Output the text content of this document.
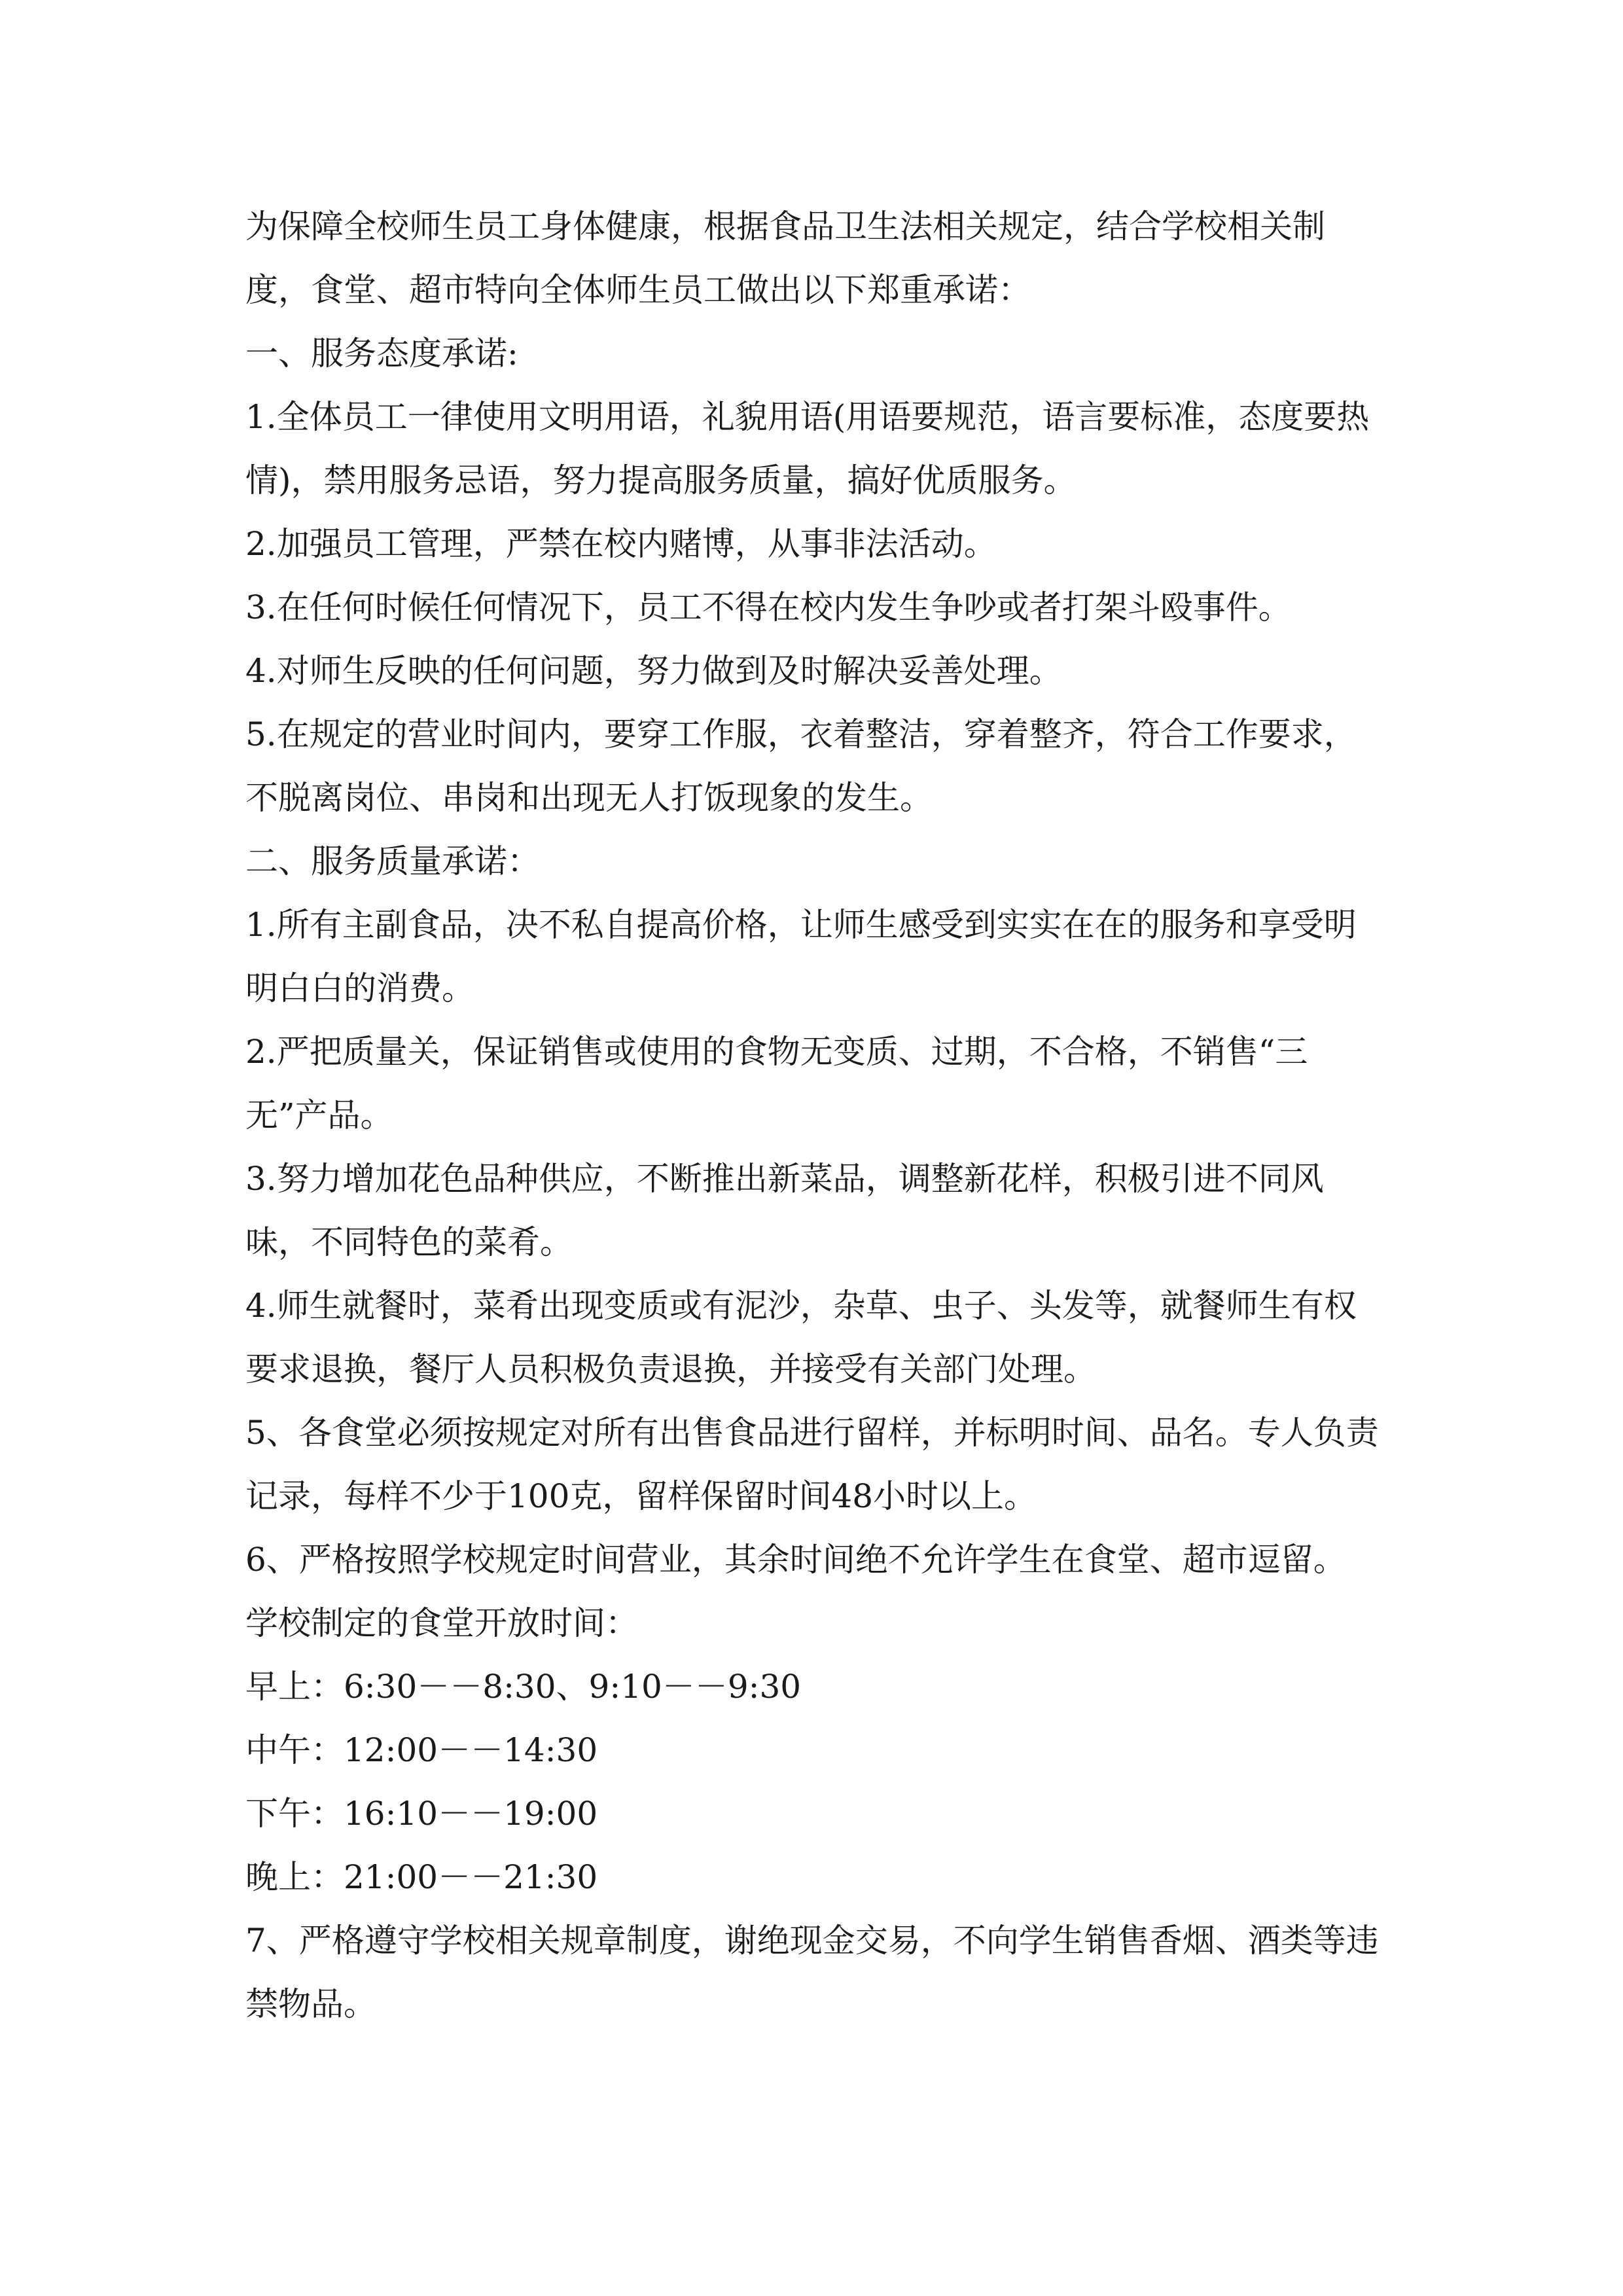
为保障全校师生员工身体健康，根据食品卫生法相关规定，结合学校相关制度，食堂、超市特向全体师生员工做出以下郑重承诺：

一、服务态度承诺:

1.全体员工一律使用文明用语，礼貌用语(用语要规范，语言要标准，态度要热情)，禁用服务忌语，努力提高服务质量，搞好优质服务。

2.加强员工管理，严禁在校内赌博，从事非法活动。

3.在任何时候任何情况下，员工不得在校内发生争吵或者打架斗殴事件。

4.对师生反映的任何问题，努力做到及时解决妥善处理。

5.在规定的营业时间内，要穿工作服，衣着整洁，穿着整齐，符合工作要求，不脱离岗位、串岗和出现无人打饭现象的发生。

二、服务质量承诺：

1.所有主副食品，决不私自提高价格，让师生感受到实实在在的服务和享受明明白白的消费。

2.严把质量关，保证销售或使用的食物无变质、过期，不合格，不销售“三无”产品。

3.努力增加花色品种供应，不断推出新菜品，调整新花样，积极引进不同风味，不同特色的菜肴。

4.师生就餐时，菜肴出现变质或有泥沙，杂草、虫子、头发等，就餐师生有权要求退换，餐厅人员积极负责退换，并接受有关部门处理。

5、各食堂必须按规定对所有出售食品进行留样，并标明时间、品名。专人负责记录，每样不少于100克，留样保留时间48小时以上。

6、严格按照学校规定时间营业，其余时间绝不允许学生在食堂、超市逗留。

学校制定的食堂开放时间：

早上：6:30－－8:30、9:10－－9:30

中午：12:00－－14:30

下午：16:10－－19:00

晚上：21:00－－21:30

7、严格遵守学校相关规章制度，谢绝现金交易，不向学生销售香烟、酒类等违禁物品。
